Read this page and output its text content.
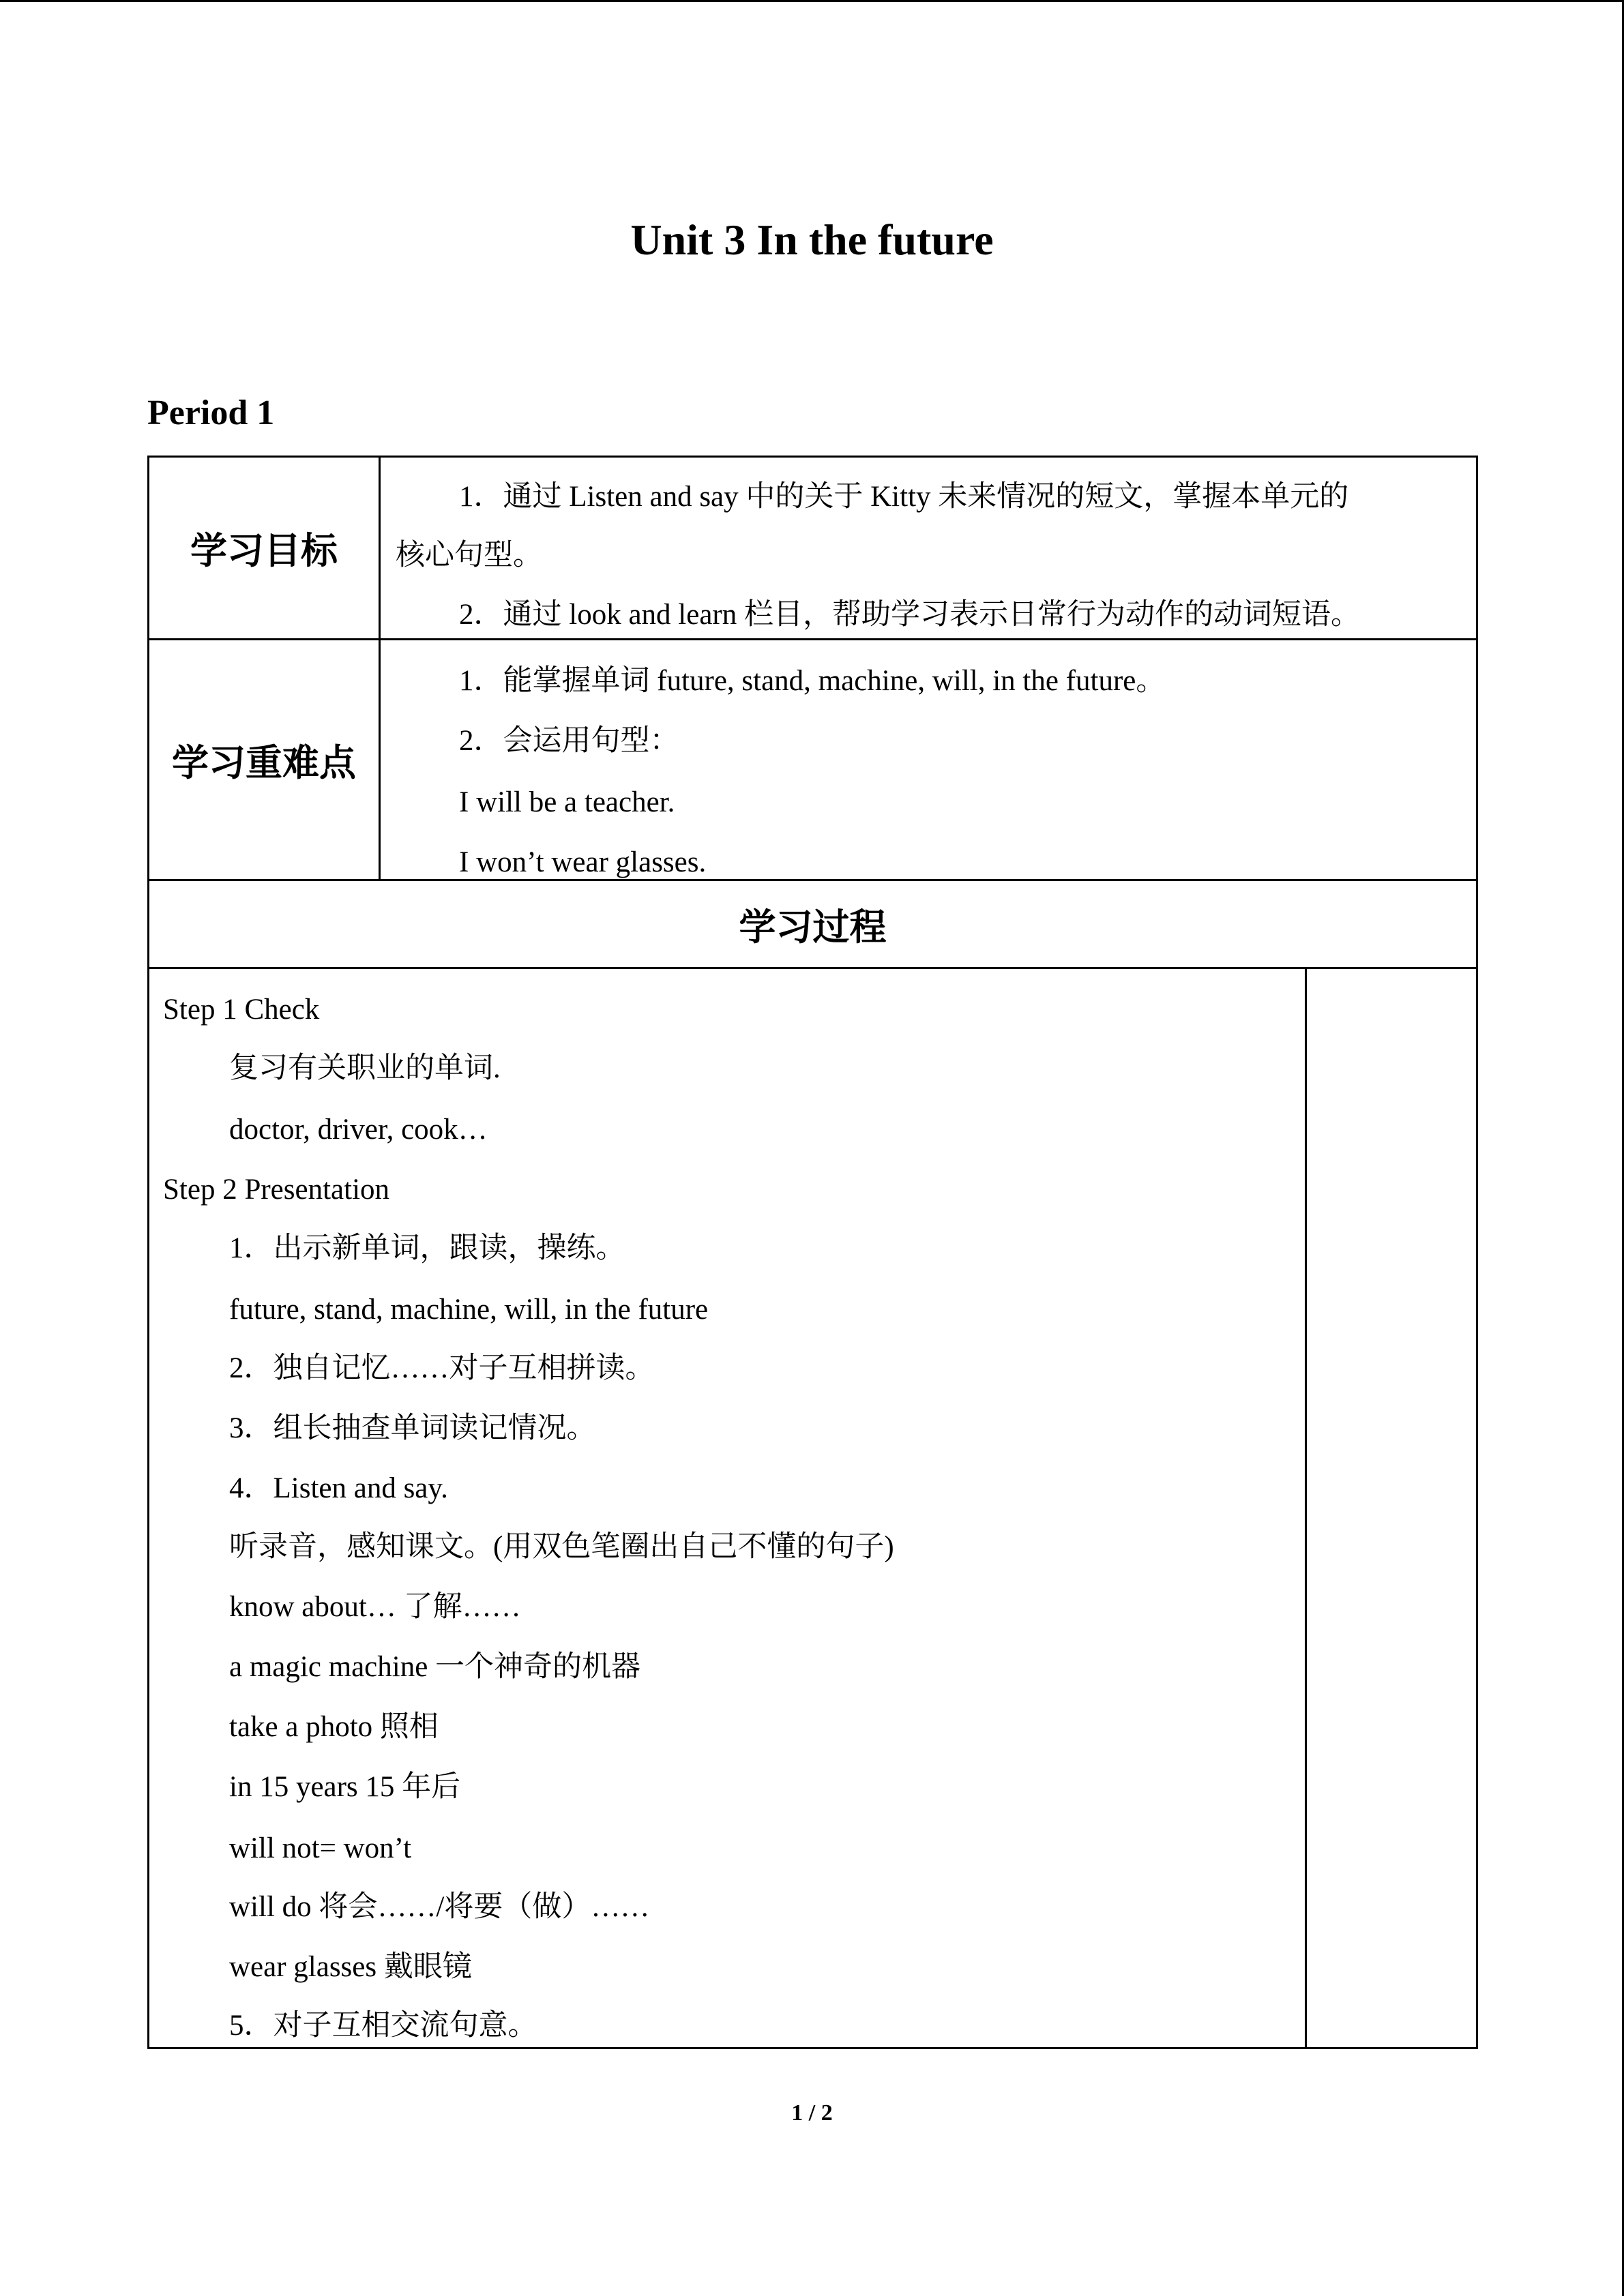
Unit 3 In the future
Period 1
学习目标
1．通过 Listen and say 中的关于 Kitty 未来情况的短文，掌握本单元的
核心句型。
2．通过 look and learn 栏目，帮助学习表示日常行为动作的动词短语。
学习重难点
1．能掌握单词 future, stand, machine, will, in the future。
2．会运用句型：
I will be a teacher.
I won’t wear glasses.
学习过程
Step 1 Check
复习有关职业的单词.
doctor, driver, cook…
Step 2 Presentation
1．出示新单词，跟读，操练。
future, stand, machine, will, in the future
2．独自记忆……对子互相拼读。
3．组长抽查单词读记情况。
4．Listen and say.
听录音，感知课文。(用双色笔圈出自己不懂的句子)
know about… 了解……
a magic machine 一个神奇的机器
take a photo 照相
in 15 years 15 年后
will not= won’t
will do 将会……/将要（做）……
wear glasses 戴眼镜
5．对子互相交流句意。
1 / 2
